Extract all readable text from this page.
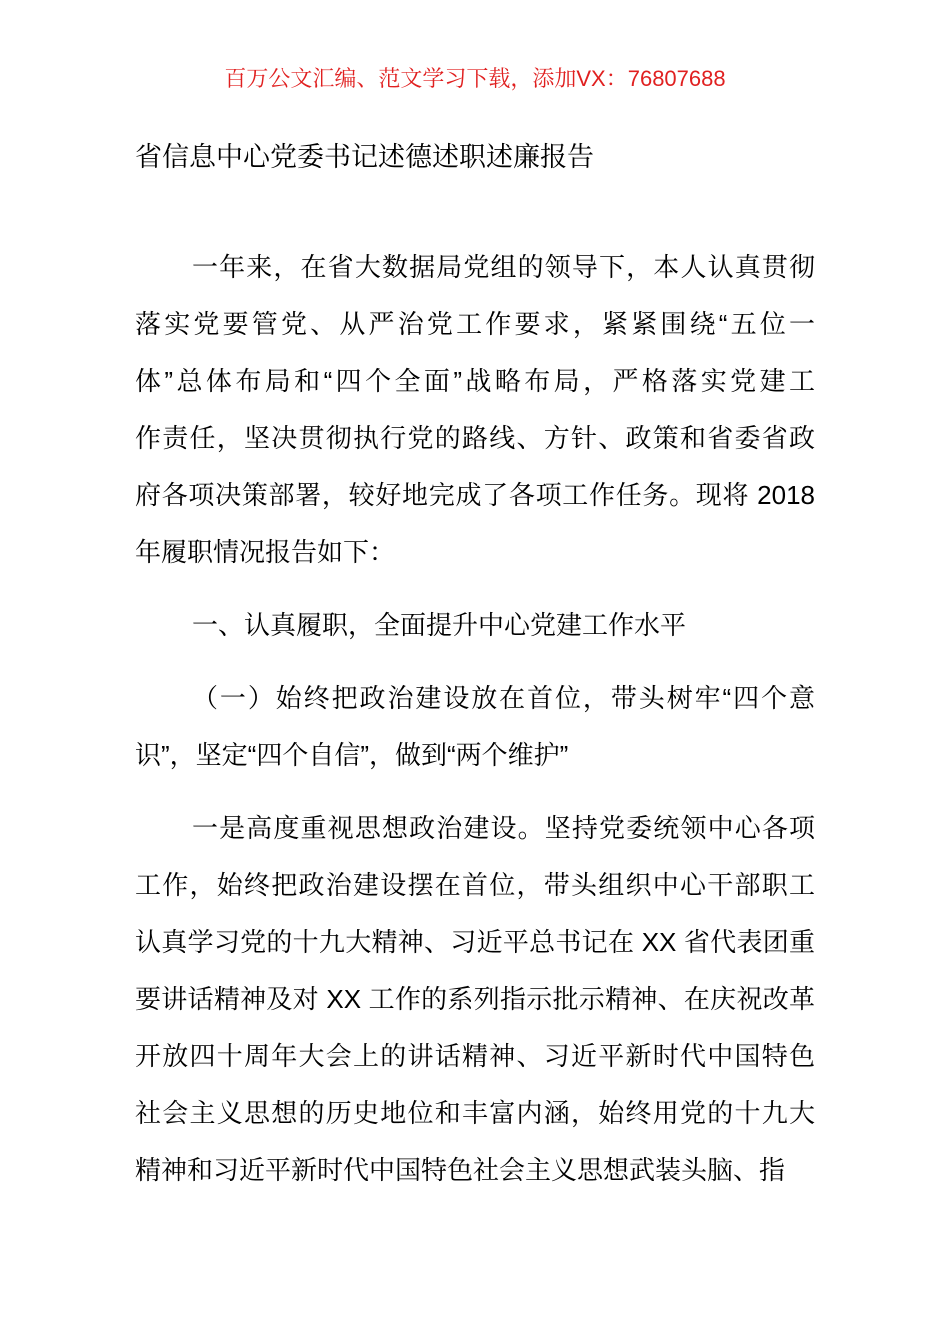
百万公文汇编、范文学习下载，添加VX：76807688
省信息中心党委书记述德述职述廉报告
一年来，在省大数据局党组的领导下，本人认真贯彻
落实党要管党、从严治党工作要求，紧紧围绕“五位一
体”总体布局和“四个全面”战略布局，严格落实党建工
作责任，坚决贯彻执行党的路线、方针、政策和省委省政
府各项决策部署，较好地完成了各项工作任务。现将 2018
年履职情况报告如下：
一、认真履职，全面提升中心党建工作水平
（一）始终把政治建设放在首位，带头树牢“四个意
识”，坚定“四个自信”，做到“两个维护”
一是高度重视思想政治建设。坚持党委统领中心各项
工作，始终把政治建设摆在首位，带头组织中心干部职工
认真学习党的十九大精神、习近平总书记在 XX 省代表团重
要讲话精神及对 XX 工作的系列指示批示精神、在庆祝改革
开放四十周年大会上的讲话精神、习近平新时代中国特色
社会主义思想的历史地位和丰富内涵，始终用党的十九大
精神和习近平新时代中国特色社会主义思想武装头脑、指
